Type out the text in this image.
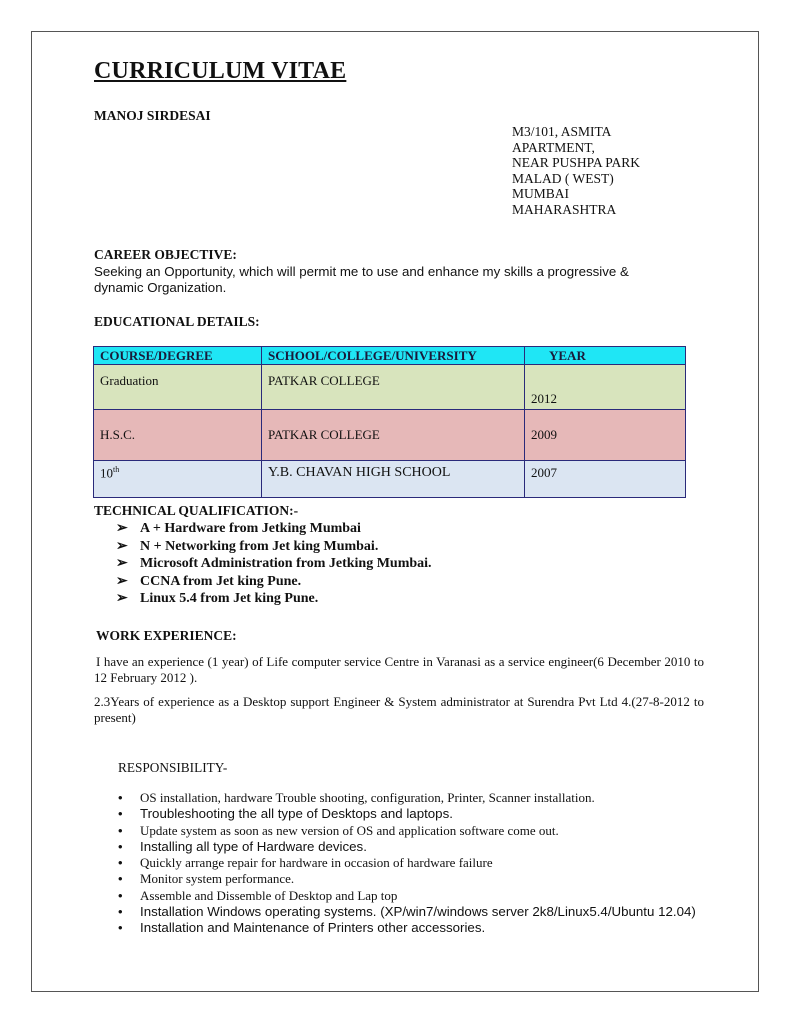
CURRICULUM VITAE
MANOJ SIRDESAI
M3/101, ASMITA
APARTMENT,
NEAR PUSHPA PARK
MALAD ( WEST)
MUMBAI
MAHARASHTRA
CAREER OBJECTIVE:
Seeking an Opportunity, which will permit me to use and enhance my skills a progressive &
dynamic Organization.
EDUCATIONAL DETAILS:
COURSE/DEGREE	SCHOOL/COLLEGE/UNIVERSITY	YEAR
Graduation	PATKAR COLLEGE	2012
H.S.C.	PATKAR COLLEGE	2009
10th	Y.B. CHAVAN HIGH SCHOOL	2007
TECHNICAL QUALIFICATION:-
➢ A + Hardware from Jetking Mumbai
➢ N + Networking from Jet king Mumbai.
➢ Microsoft Administration from Jetking Mumbai.
➢ CCNA from Jet king Pune.
➢ Linux 5.4 from Jet king Pune.
WORK EXPERIENCE:
I have an experience (1 year) of Life computer service Centre in Varanasi as a service engineer(6 December 2010 to 12 February 2012 ).
2.3Years of experience as a Desktop support Engineer & System administrator at Surendra Pvt Ltd 4.(27-8-2012 to present)
RESPONSIBILITY-
•	OS installation, hardware Trouble shooting, configuration, Printer, Scanner installation.
•	Troubleshooting the all type of Desktops and laptops.
•	Update system as soon as new version of OS and application software come out.
•	Installing all type of Hardware devices.
•	Quickly arrange repair for hardware in occasion of hardware failure
•	Monitor system performance.
•	Assemble and Dissemble of Desktop and Lap top
•	Installation Windows operating systems. (XP/win7/windows server 2k8/Linux5.4/Ubuntu 12.04)
•	Installation and Maintenance of Printers other accessories.
